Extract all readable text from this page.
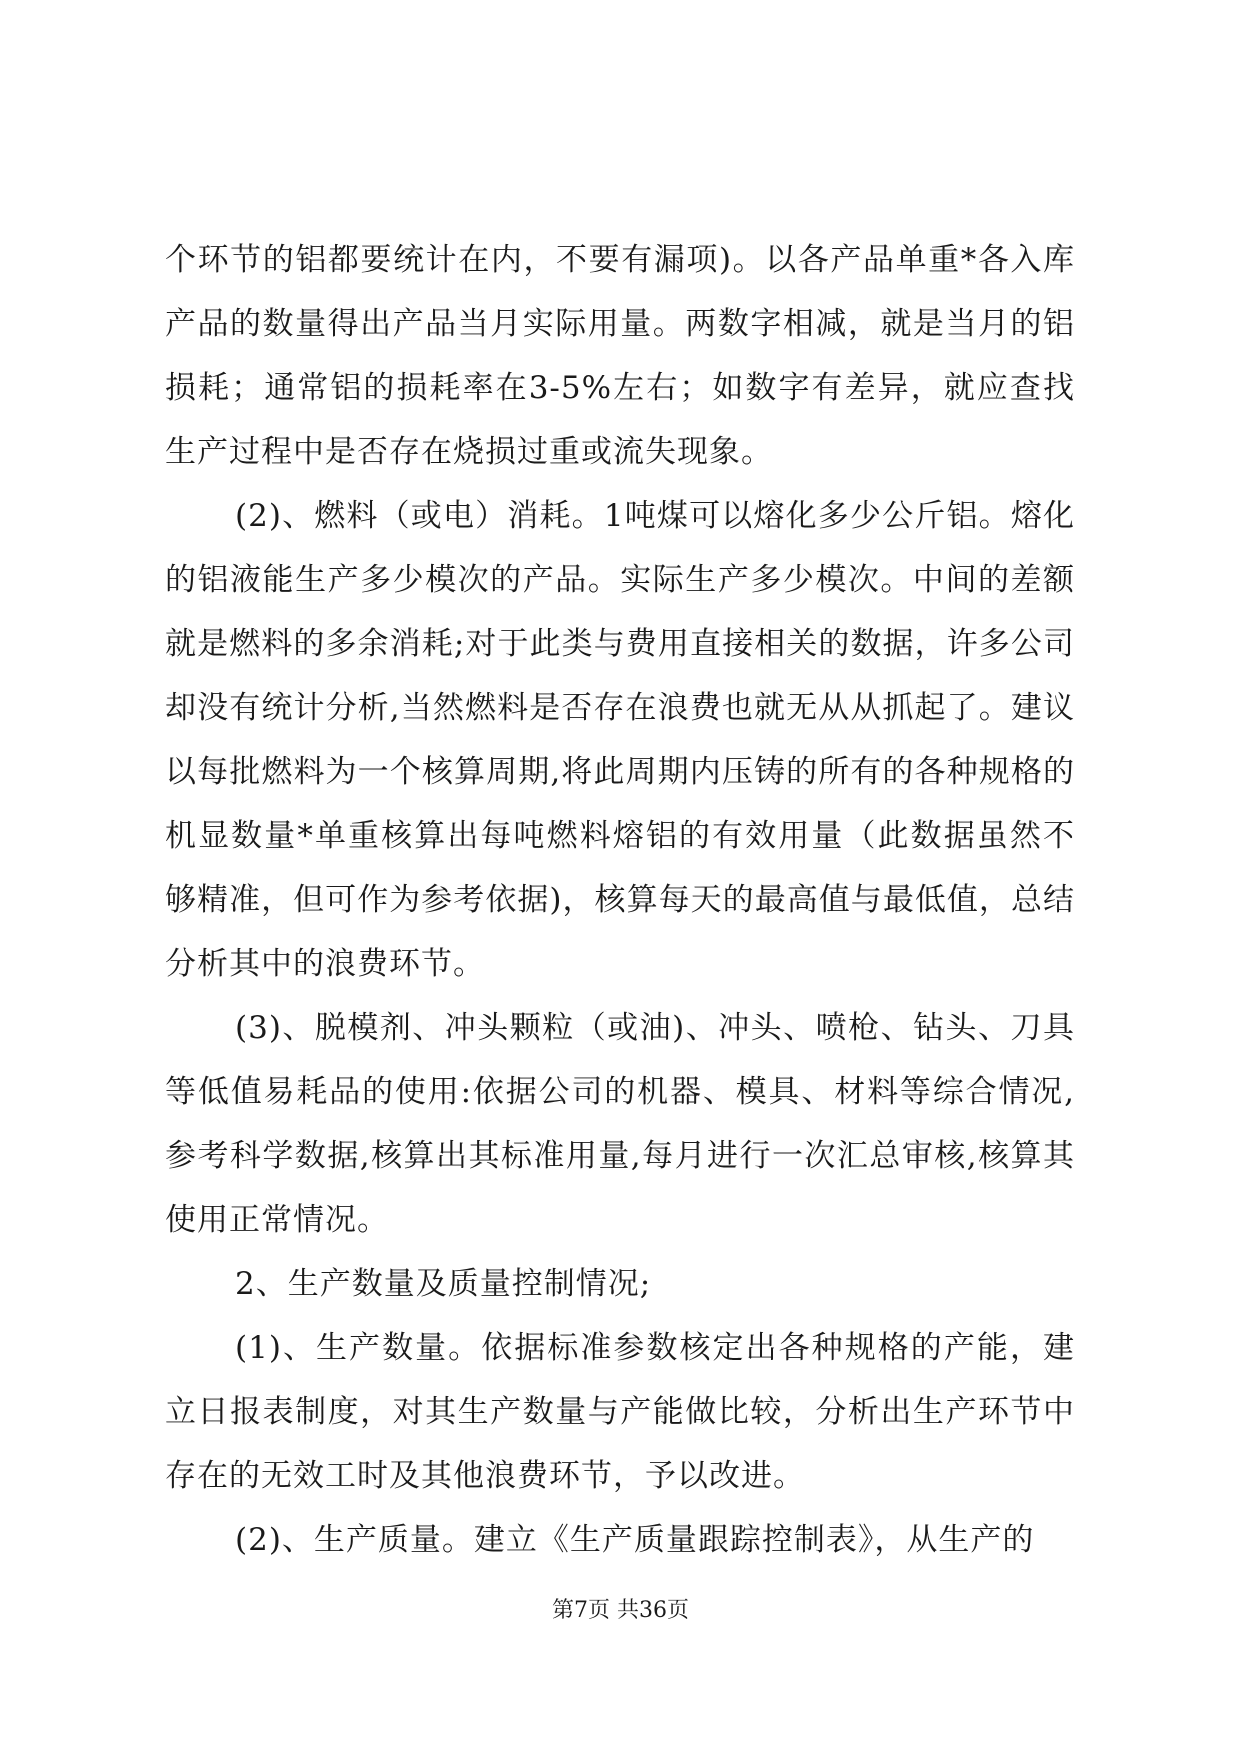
个环节的铝都要统计在内，不要有漏项)。以各产品单重*各入库产品的数量得出产品当月实际用量。两数字相减，就是当月的铝损耗；通常铝的损耗率在3-5%左右；如数字有差异，就应查找生产过程中是否存在烧损过重或流失现象。

(2)、燃料（或电）消耗。1吨煤可以熔化多少公斤铝。熔化的铝液能生产多少模次的产品。实际生产多少模次。中间的差额就是燃料的多余消耗;对于此类与费用直接相关的数据，许多公司却没有统计分析,当然燃料是否存在浪费也就无从从抓起了。建议以每批燃料为一个核算周期,将此周期内压铸的所有的各种规格的机显数量*单重核算出每吨燃料熔铝的有效用量（此数据虽然不够精准，但可作为参考依据)，核算每天的最高值与最低值，总结分析其中的浪费环节。

(3)、脱模剂、冲头颗粒（或油)、冲头、喷枪、钻头、刀具等低值易耗品的使用:依据公司的机器、模具、材料等综合情况,参考科学数据,核算出其标准用量,每月进行一次汇总审核,核算其使用正常情况。

2、生产数量及质量控制情况;

(1)、生产数量。依据标准参数核定出各种规格的产能，建立日报表制度，对其生产数量与产能做比较，分析出生产环节中存在的无效工时及其他浪费环节，予以改进。

(2)、生产质量。建立《生产质量跟踪控制表》，从生产的

第7页 共36页
